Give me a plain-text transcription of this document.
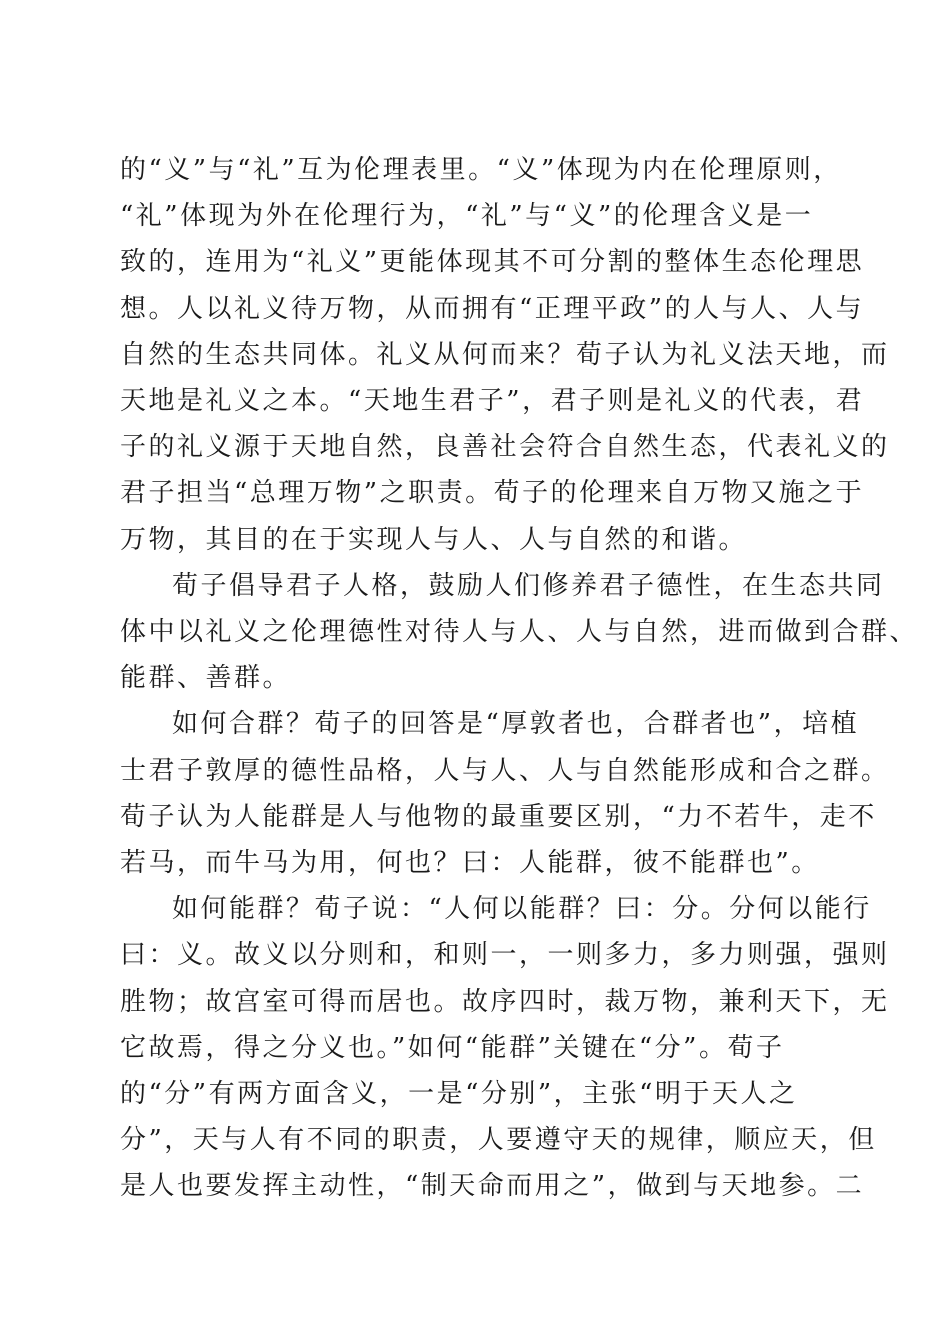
的“义”与“礼”互为伦理表里。“义”体现为内在伦理原则，
“礼”体现为外在伦理行为，“礼”与“义”的伦理含义是一
致的，连用为“礼义”更能体现其不可分割的整体生态伦理思
想。人以礼义待万物，从而拥有“正理平政”的人与人、人与
自然的生态共同体。礼义从何而来？荀子认为礼义法天地，而
天地是礼义之本。“天地生君子”，君子则是礼义的代表，君
子的礼义源于天地自然，良善社会符合自然生态，代表礼义的
君子担当“总理万物”之职责。荀子的伦理来自万物又施之于
万物，其目的在于实现人与人、人与自然的和谐。

荀子倡导君子人格，鼓励人们修养君子德性，在生态共同
体中以礼义之伦理德性对待人与人、人与自然，进而做到合群、
能群、善群。

如何合群？荀子的回答是“厚敦者也，合群者也”，培植
士君子敦厚的德性品格，人与人、人与自然能形成和合之群。
荀子认为人能群是人与他物的最重要区别，“力不若牛，走不
若马，而牛马为用，何也？曰：人能群，彼不能群也”。

如何能群？荀子说：“人何以能群？曰：分。分何以能行
曰：义。故义以分则和，和则一，一则多力，多力则强，强则
胜物；故宫室可得而居也。故序四时，裁万物，兼利天下，无
它故焉，得之分义也。”如何“能群”关键在“分”。荀子
的“分”有两方面含义，一是“分别”，主张“明于天人之
分”，天与人有不同的职责，人要遵守天的规律，顺应天，但
是人也要发挥主动性，“制天命而用之”，做到与天地参。二
